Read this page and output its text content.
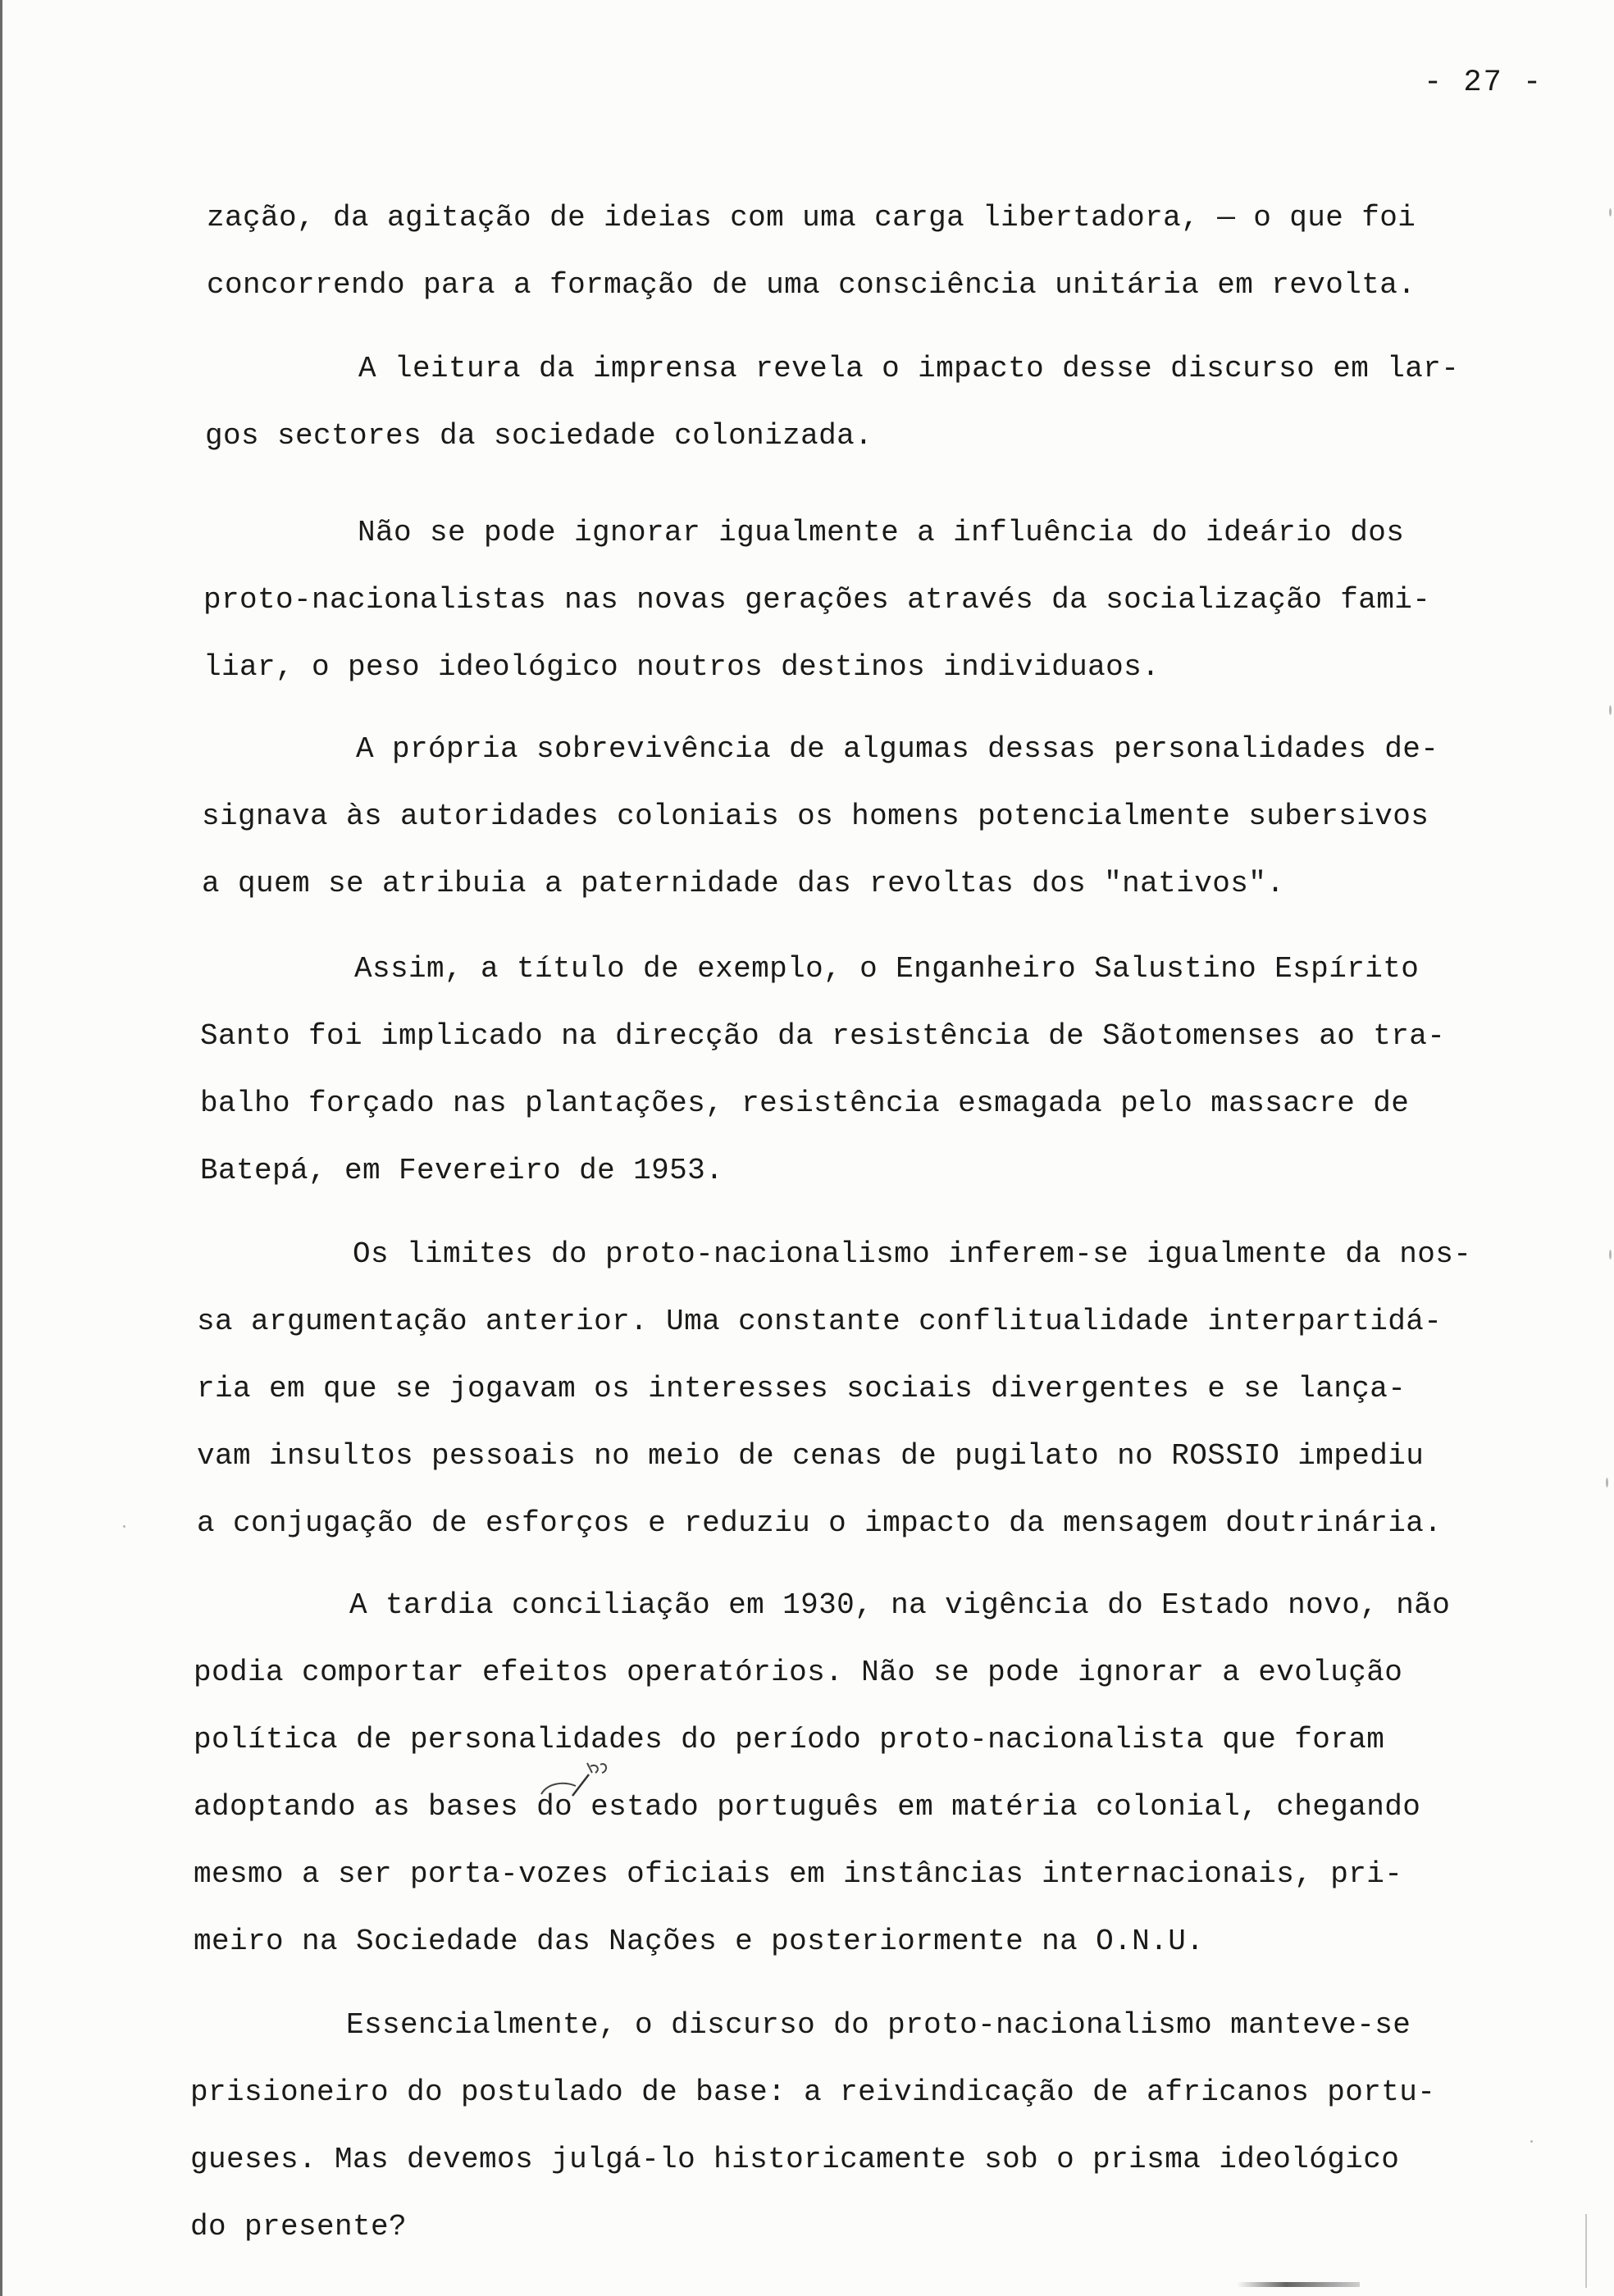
- 27 -
zação, da agitação de ideias com uma carga libertadora, — o que foi
concorrendo para a formação de uma consciência unitária em revolta.
A leitura da imprensa revela o impacto desse discurso em lar-
gos sectores da sociedade colonizada.
Não se pode ignorar igualmente a influência do ideário dos
proto-nacionalistas nas novas gerações através da socialização fami-
liar, o peso ideológico noutros destinos individuaos.
A própria sobrevivência de algumas dessas personalidades de-
signava às autoridades coloniais os homens potencialmente subersivos
a quem se atribuia a paternidade das revoltas dos "nativos".
Assim, a título de exemplo, o Enganheiro Salustino Espírito
Santo foi implicado na direcção da resistência de Sãotomenses ao tra-
balho forçado nas plantações, resistência esmagada pelo massacre de
Batepá, em Fevereiro de 1953.
Os limites do proto-nacionalismo inferem-se igualmente da nos-
sa argumentação anterior. Uma constante conflitualidade interpartidá-
ria em que se jogavam os interesses sociais divergentes e se lança-
vam insultos pessoais no meio de cenas de pugilato no ROSSIO impediu
a conjugação de esforços e reduziu o impacto da mensagem doutrinária.
A tardia conciliação em 1930, na vigência do Estado novo, não
podia comportar efeitos operatórios. Não se pode ignorar a evolução
política de personalidades do período proto-nacionalista que foram
adoptando as bases do estado português em matéria colonial, chegando
mesmo a ser porta-vozes oficiais em instâncias internacionais, pri-
meiro na Sociedade das Nações e posteriormente na O.N.U.
Essencialmente, o discurso do proto-nacionalismo manteve-se
prisioneiro do postulado de base: a reivindicação de africanos portu-
gueses. Mas devemos julgá-lo historicamente sob o prisma ideológico
do presente?
